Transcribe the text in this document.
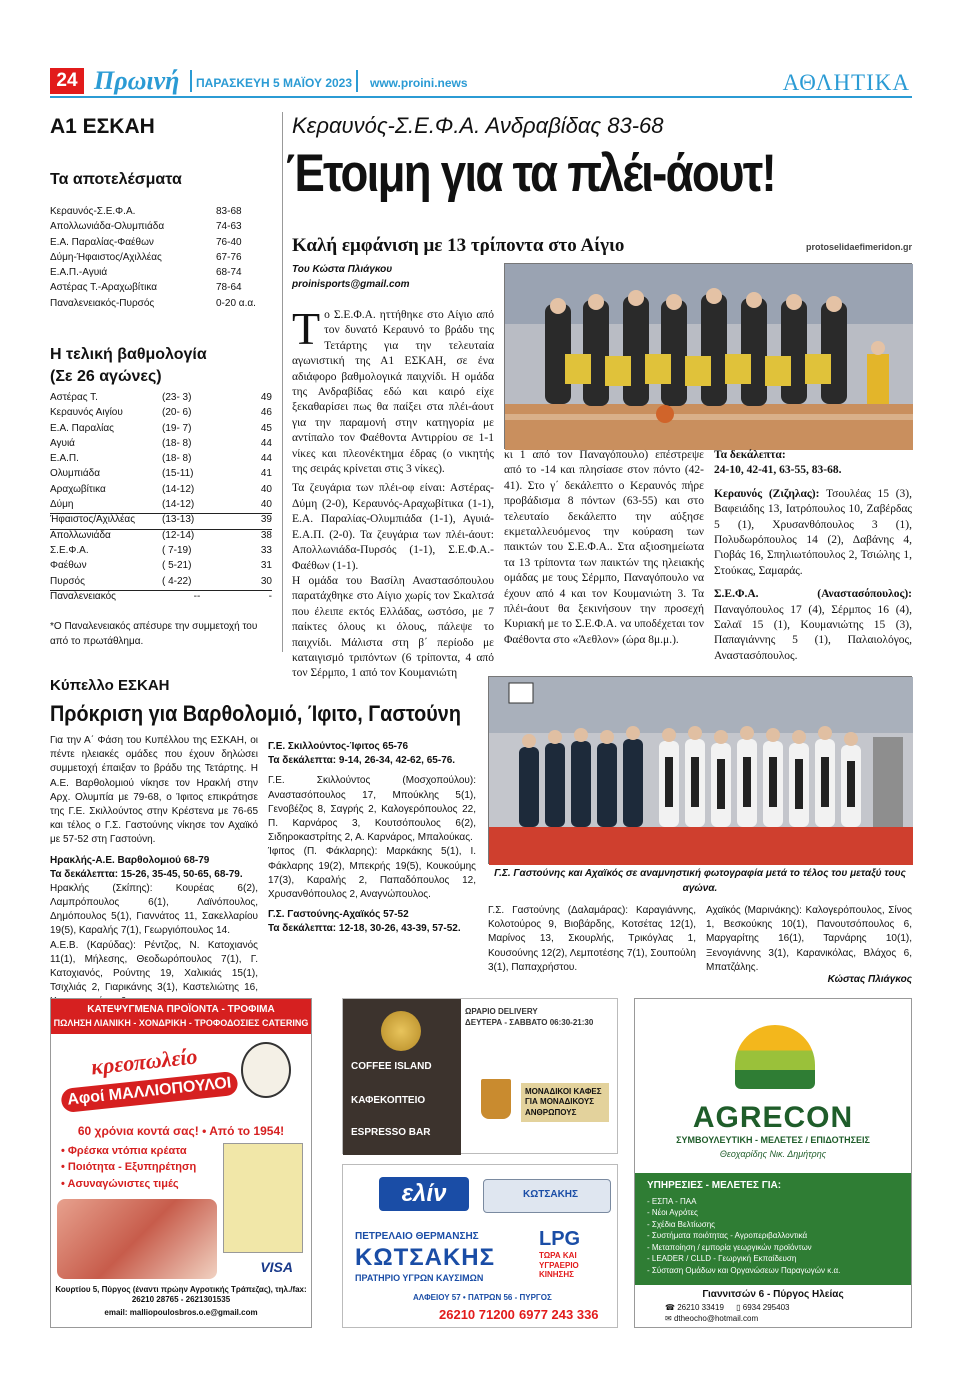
24 Πρωινή ΠΑΡΑΣΚΕΥΗ 5 ΜΑΪΟΥ 2023 www.proini.news	ΑΘΛΗΤΙΚΑ
Α1 ΕΣΚΑΗ
Τα αποτελέσματα
Κεραυνός-Σ.Ε.Φ.Α.	83-68
Απολλωνιάδα-Ολυμπιάδα	74-63
Ε.Α. Παραλίας-Φαέθων	76-40
Δύμη-Ήφαιστος/Αχιλλέας	67-76
Ε.Α.Π.-Αγυιά	68-74
Αστέρας Τ.-Αραχωβίτικα	78-64
Παναλενειακός-Πυρσός	0-20 α.α.
Η τελική βαθμολογία
(Σε 26 αγώνες)
Αστέρας Τ.	(23- 3)	49
Κεραυνός Αιγίου	(20- 6)	46
Ε.Α. Παραλίας	(19- 7)	45
Αγυιά	(18- 8)	44
Ε.Α.Π.	(18- 8)	44
Ολυμπιάδα	(15-11)	41
Αραχωβίτικα	(14-12)	40
Δύμη	(14-12)	40
Ήφαιστος/Αχιλλέας	(13-13)	39
Απολλωνιάδα	(12-14)	38
Σ.Ε.Φ.Α.	( 7-19)	33
Φαέθων	( 5-21)	31
Πυρσός	( 4-22)	30
Παναλενειακός	--	-
*Ο Παναλενειακός απέσυρε την συμμετοχή του από το πρωτάθλημα.
Κεραυνός-Σ.Ε.Φ.Α. Ανδραβίδας 83-68
Έτοιμη για τα πλέι-άουτ!
Καλή εμφάνιση με 13 τρίποντα στο Αίγιο	protoselidaefimeridon.gr
Του Κώστα Πλιάγκου
proinisports@gmail.com
Τ ο Σ.Ε.Φ.Α. ηττήθηκε στο Αίγιο από τον δυνατό Κεραυνό το βράδυ της Τετάρτης για την τελευταία αγωνιστική της Α1 ΕΣΚΑΗ, σε ένα αδιάφορο βαθμολογικά παιχνίδι. Η ομάδα της Ανδραβίδας εδώ και καιρό είχε ξεκαθαρίσει πως θα παίξει στα πλέι-άουτ για την παραμονή στην κατηγορία με αντίπαλο τον Φαέθοντα Αντιρρίου σε 1-1 νίκες και πλεονέκτημα έδρας (ο νικητής της σειράς κρίνεται στις 3 νίκες).

Τα ζευγάρια των πλέι-οφ είναι: Αστέρας-Δύμη (2-0), Κεραυνός-Αραχωβίτικα (1-1), Ε.Α. Παραλίας-Ολυμπιάδα (1-1), Αγυιά-Ε.Α.Π. (2-0). Τα ζευγάρια των πλέι-άουτ: Απολλωνιάδα-Πυρσός (1-1), Σ.Ε.Φ.Α.-Φαέθων (1-1).

Η ομάδα του Βασίλη Αναστασόπουλου παρατάχθηκε στο Αίγιο χωρίς τον Σκαλτσά που έλειπε εκτός Ελλάδας, ωστόσο, με 7 παίκτες όλους κι όλους, πάλεψε το παιχνίδι. Μάλιστα στη β΄ περίοδο με καταιγισμό τριπόντων (6 τρίποντα, 4 από τον Σέρμπο, 1 από τον Κουμανιώτη

κι 1 από τον Παναγόπουλο) επέστρεψε από το -14 και πλησίασε στον πόντο (42-41). Στο γ΄ δεκάλεπτο ο Κεραυνός πήρε προβάδισμα 8 πόντων (63-55) και στο τελευταίο δεκάλεπτο την αύξησε εκμεταλλευόμενος την κούραση των παικτών του Σ.Ε.Φ.Α.. Στα αξιοσημείωτα τα 13 τρίποντα των παικτών της ηλειακής ομάδας με τους Σέρμπο, Παναγόπουλο να έχουν από 4 και τον Κουμανιώτη 3. Τα πλέι-άουτ θα ξεκινήσουν την προσεχή Κυριακή με το Σ.Ε.Φ.Α. να υποδέχεται τον Φαέθοντα στο «Άεθλον» (ώρα 8μ.μ.).
Τα δεκάλεπτα:
24-10, 42-41, 63-55, 83-68.

Κεραυνός (Ζιζηλας): Τσουλέας 15 (3), Βαφειάδης 13, Ιατρόπουλος 10, Ζαβέρδας 5 (1), Χρυσανθόπουλος 3 (1), Πολυδωρόπουλος 14 (2), Δαβάνης 4, Γιοβάς 16, Σπηλιωτόπουλος 2, Τσιώλης 1, Στούκας, Σαμαράς.

Σ.Ε.Φ.Α. (Αναστασόπουλος): Παναγόπουλος 17 (4), Σέρμπος 16 (4), Σαλαϊ 15 (1), Κουμανιώτης 15 (3), Παπαγιάννης 5 (1), Παλαιολόγος, Αναστασόπουλος.

Κύπελλο ΕΣΚΑΗ
Πρόκριση για Βαρθολομιό, Ίφιτο, Γαστούνη

Για την Α΄ Φάση του Κυπέλλου της ΕΣΚΑΗ, οι πέντε ηλειακές ομάδες που έχουν δηλώσει συμμετοχή έπαιξαν το βράδυ της Τετάρτης. Η Α.Ε. Βαρθολομιού νίκησε τον Ηρακλή στην Αρχ. Ολυμπία με 79-68, ο Ίφιτος επικράτησε της Γ.Ε. Σκιλλούντος στην Κρέστενα με 76-65 και τέλος ο Γ.Σ. Γαστούνης νίκησε τον Αχαϊκό με 57-52 στη Γαστούνη.

Ηρακλής-Α.Ε. Βαρθολομιού 68-79

Τα δεκάλεπτα: 15-26, 35-45, 50-65, 68-79.

Ηρακλής (Σκίπης): Κουρέας 6(2), Λαμπρόπουλος 6(1), Λαϊνόπουλος, Δημόπουλος 5(1), Γιαννάτος 11, Σακελλαρίου 19(5), Καραλής 7(1), Γεωργιόπουλος 14.

Α.Ε.Β. (Καρύδας): Ρέντζος, Ν. Κατοχιανός 11(1), Μήλεσης, Θεοδωρόπουλος 7(1), Γ. Κατοχιανός, Ρούντης 19, Χαλικιάς 15(1), Τσιχλιάς 2, Γιαρικάνης 3(1), Καστελιώτης 16,

Γ.Ε. Σκιλλούντος-Ίφιτος 65-76

Τα δεκάλεπτα: 9-14, 26-34, 42-62, 65-76.

Γ.Ε. Σκιλλούντος (Μοσχοπούλου): Αναστασόπουλος 17, Μπούκλης 5(1), Γενοβέζος 8, Σαγρής 2, Καλογερόπουλος 22, Π. Καρνάρος 3, Κουτσόπουλος 6(2), Σιδηροκαστρίτης 2, Α. Καρνάρος, Μπαλούκας.

Ίφιτος (Π. Φάκλαρης): Μαρκάκης 5(1), Ι. Φάκλαρης 19(2), Μπεκρής 19(5), Κουκούμης 17(3), Καραλής 2, Παπαδόπουλος 12, Χρυσανθόπουλος 2, Αναγνώπουλος.

Γ.Σ. Γαστούνης-Αχαϊκός 57-52

Τα δεκάλεπτα: 12-18, 30-26, 43-39, 57-52.

Γ.Σ. Γαστούνης και Αχαϊκός σε αναμνηστική φωτογραφία μετά το τέλος του μεταξύ τους αγώνα.
Γ.Σ. Γαστούνης (Δαλαμάρας): Καραγιάννης, Κολοτούρος 9, Βιοβάρδης, Κοτσέτας 12(1), Μαρίνος 13, Σκουρλής, Τρικόγλας 1, Κουσούνης 12(2), Λεμποτέσης 7(1), Σουπούλη 3(1), Παπαχρήστου.
Αχαϊκός (Μαρινάκης): Καλογερόπουλος, Σίνος 1, Βεσκούκης 10(1), Πανουτσόπουλος 6, Μαργαρίτης 16(1), Ταρνάρης 10(1), Ξενογιάννης 3(1), Καρανικόλας, Βλάχος 6, Μπατζάλης.
Κώστας Πλιάγκος
ΚΑΤΕΨΥΓΜΕΝΑ ΠΡΟΪΟΝΤΑ - ΤΡΟΦΙΜΑ
ΠΩΛΗΣΗ ΛΙΑΝΙΚΗ - ΧΟΝΔΡΙΚΗ - ΤΡΟΦΟΔΟΣΙΕΣ CATERING
κρεοπωλείο
Αφοί ΜΑΛΛΙΟΠΟΥΛΟΙ
60 χρόνια κοντά σας! • Από το 1954!
• Φρέσκα ντόπια κρέατα
• Ποιότητα - Εξυπηρέτηση
• Ασυναγώνιστες τιμές
VISA
Κουρτίου 5, Πύργος (έναντι πρώην Αγροτικής Τράπεζας), τηλ./fax: 26210 28765 - 2621301535
email: malliopoulosbros.o.e@gmail.com
COFFEE ISLAND
ΚΑΦΕΚΟΠΤΕΙΟ
ESPRESSO BAR
ΩΡΑΡΙΟ DELIVERY
ΔΕΥΤΕΡΑ - ΣΑΒΒΑΤΟ 06:30-21:30
ΜΟΝΑΔΙΚΟΙ ΚΑΦΕΣ ΓΙΑ ΜΟΝΑΔΙΚΟΥΣ ΑΝΘΡΩΠΟΥΣ
ελίν	ΚΩΤΣΑΚΗΣ
ΠΕΤΡΕΛΑΙΟ ΘΕΡΜΑΝΣΗΣ
ΚΩΤΣΑΚΗΣ
ΠΡΑΤΗΡΙΟ ΥΓΡΩΝ ΚΑΥΣΙΜΩΝ
LPG
ΤΩΡΑ ΚΑΙ ΥΓΡΑΕΡΙΟ ΚΙΝΗΣΗΣ
ΑΛΦΕΙΟΥ 57 • ΠΑΤΡΩΝ 56 - ΠΥΡΓΟΣ
26210 71200 6977 243 336
AGRECON
ΣΥΜΒΟΥΛΕΥΤΙΚΗ - ΜΕΛΕΤΕΣ / ΕΠΙΔΟΤΗΣΕΙΣ
Θεοχαρίδης Νικ. Δημήτρης
ΥΠΗΡΕΣΙΕΣ - ΜΕΛΕΤΕΣ ΓΙΑ:
- ΕΣΠΑ - ΠΑΑ
- Νέοι Αγρότες
- Σχέδια Βελτίωσης
- Συστήματα ποιότητας - Αγροπεριβαλλοντικά
- Μεταποίηση / εμπορία γεωργικών προϊόντων
- LEADER / CLLD - Γεωργική Εκπαίδευση
- Σύσταση Ομάδων και Οργανώσεων Παραγωγών κ.α.
Γιαννιτσών 6 - Πύργος Ηλείας
☎ 26210 33419 ▯ 6934 295403
✉ dtheocho@hotmail.com
